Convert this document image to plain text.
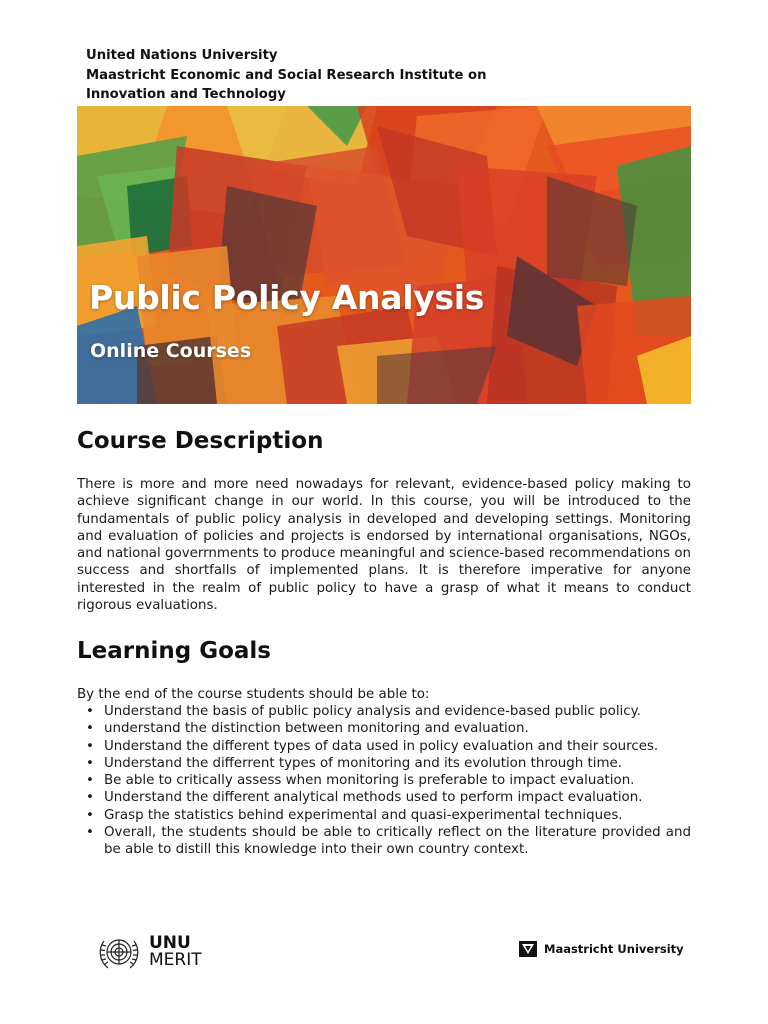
United Nations University
Maastricht Economic and Social Research Institute on
Innovation and Technology
Public Policy Analysis
Online Courses
Course Description

There is more and more need nowadays for relevant, evidence-based policy making to achieve significant change in our world. In this course, you will be introduced to the fundamentals of public policy analysis in developed and developing settings. Monitoring and evaluation of policies and projects is endorsed by international organisations, NGOs, and national goverrnments to produce meaningful and science-based recommendations on success and shortfalls of implemented plans. It is therefore imperative for anyone interested in the realm of public policy to have a grasp of what it means to conduct rigorous evaluations.

Learning Goals

By the end of the course students should be able to:

• Understand the basis of public policy analysis and evidence-based public policy.
• understand the distinction between monitoring and evaluation.
• Understand the different types of data used in policy evaluation and their sources.
• Understand the differrent types of monitoring and its evolution through time.
• Be able to critically assess when monitoring is preferable to impact evaluation.
• Understand the different analytical methods used to perform impact evaluation.
• Grasp the statistics behind experimental and quasi-experimental techniques.
• Overall, the students should be able to critically reflect on the literature provided and be able to distill this knowledge into their own country context.
UNU
MERIT
Maastricht University
